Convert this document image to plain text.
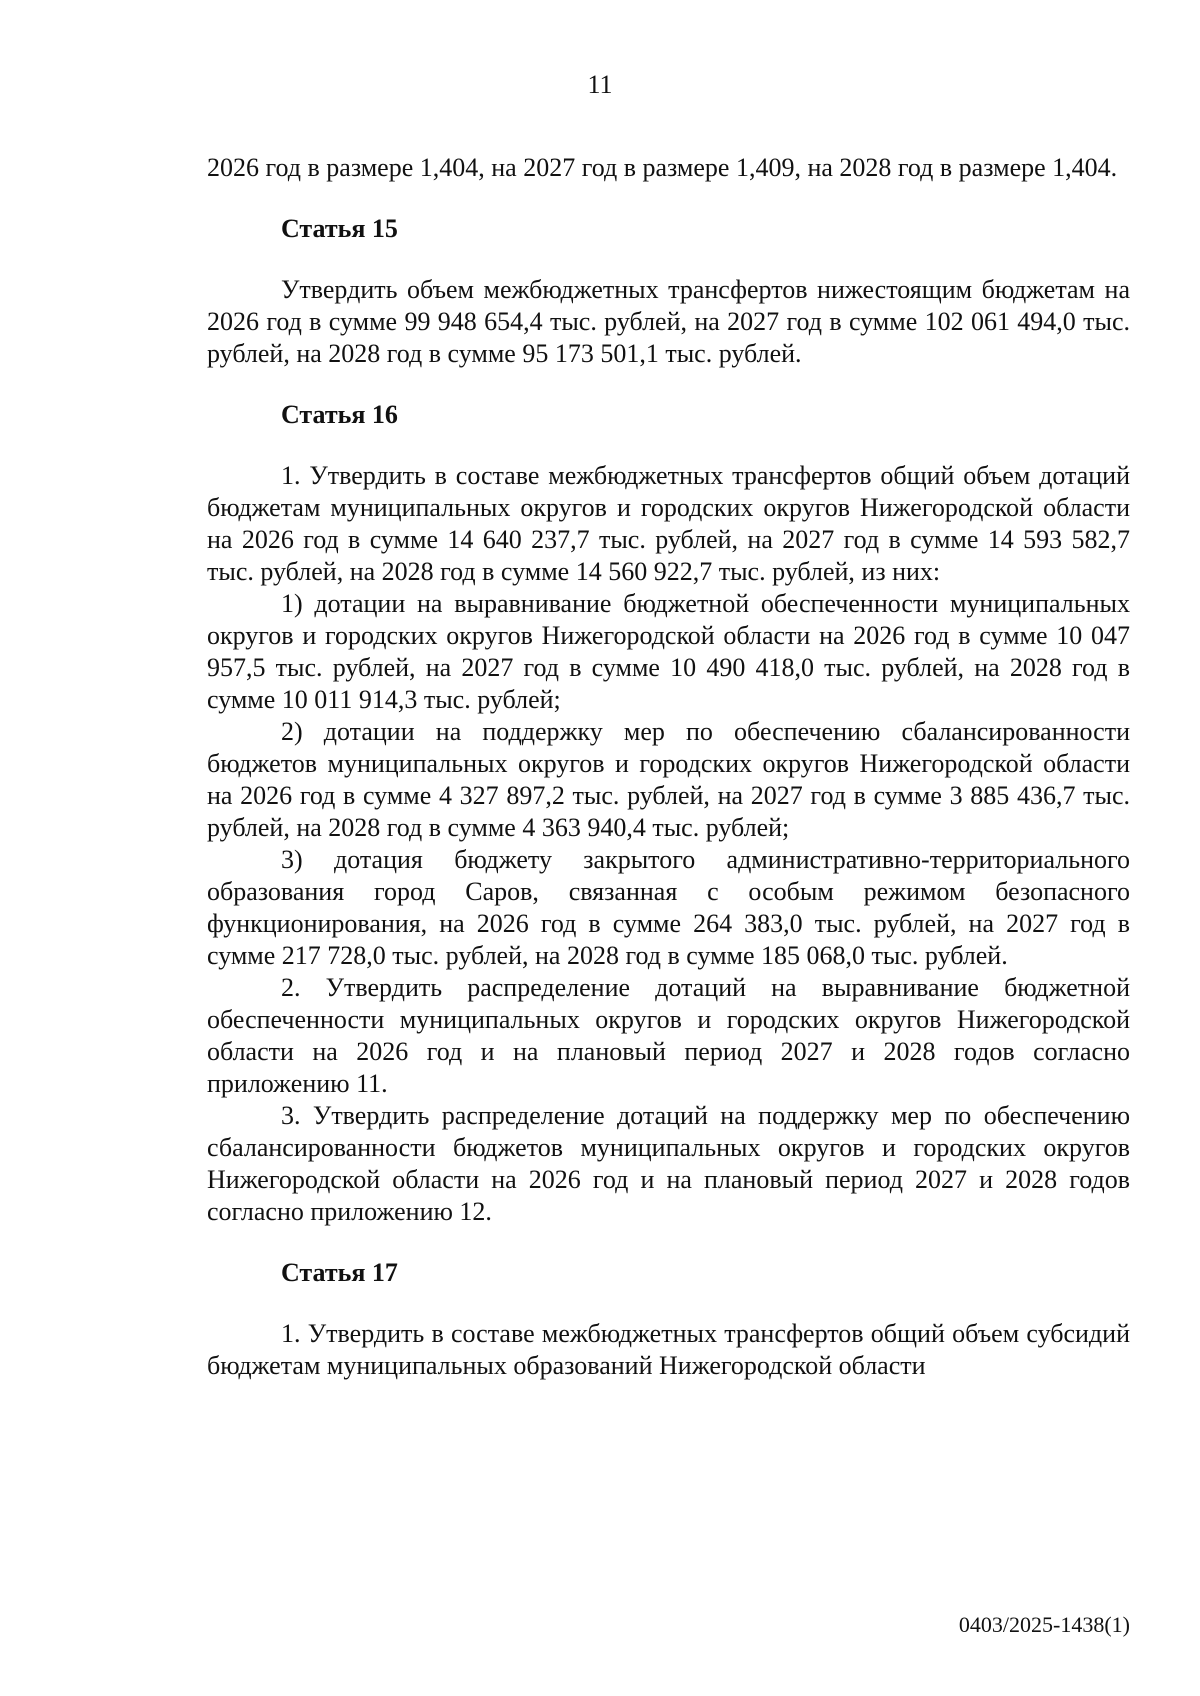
11

2026 год в размере 1,404, на 2027 год в размере 1,409, на 2028 год в размере 1,404.

Статья 15

Утвердить объем межбюджетных трансфертов нижестоящим бюджетам на 2026 год в сумме 99 948 654,4 тыс. рублей, на 2027 год в сумме 102 061 494,0 тыс. рублей, на 2028 год в сумме 95 173 501,1 тыс. рублей.

Статья 16

1. Утвердить в составе межбюджетных трансфертов общий объем дотаций бюджетам муниципальных округов и городских округов Нижегородской области на 2026 год в сумме 14 640 237,7 тыс. рублей, на 2027 год в сумме 14 593 582,7 тыс. рублей, на 2028 год в сумме 14 560 922,7 тыс. рублей, из них:

1) дотации на выравнивание бюджетной обеспеченности муниципальных округов и городских округов Нижегородской области на 2026 год в сумме 10 047 957,5 тыс. рублей, на 2027 год в сумме 10 490 418,0 тыс. рублей, на 2028 год в сумме 10 011 914,3 тыс. рублей;

2) дотации на поддержку мер по обеспечению сбалансированности бюджетов муниципальных округов и городских округов Нижегородской области на 2026 год в сумме 4 327 897,2 тыс. рублей, на 2027 год в сумме 3 885 436,7 тыс. рублей, на 2028 год в сумме 4 363 940,4 тыс. рублей;

3) дотация бюджету закрытого административно-территориального образования город Саров, связанная с особым режимом безопасного функционирования, на 2026 год в сумме 264 383,0 тыс. рублей, на 2027 год в сумме 217 728,0 тыс. рублей, на 2028 год в сумме 185 068,0 тыс. рублей.

2. Утвердить распределение дотаций на выравнивание бюджетной обеспеченности муниципальных округов и городских округов Нижегородской области на 2026 год и на плановый период 2027 и 2028 годов согласно приложению 11.

3. Утвердить распределение дотаций на поддержку мер по обеспечению сбалансированности бюджетов муниципальных округов и городских округов Нижегородской области на 2026 год и на плановый период 2027 и 2028 годов согласно приложению 12.

Статья 17

1. Утвердить в составе межбюджетных трансфертов общий объем субсидий бюджетам муниципальных образований Нижегородской области

0403/2025-1438(1)
